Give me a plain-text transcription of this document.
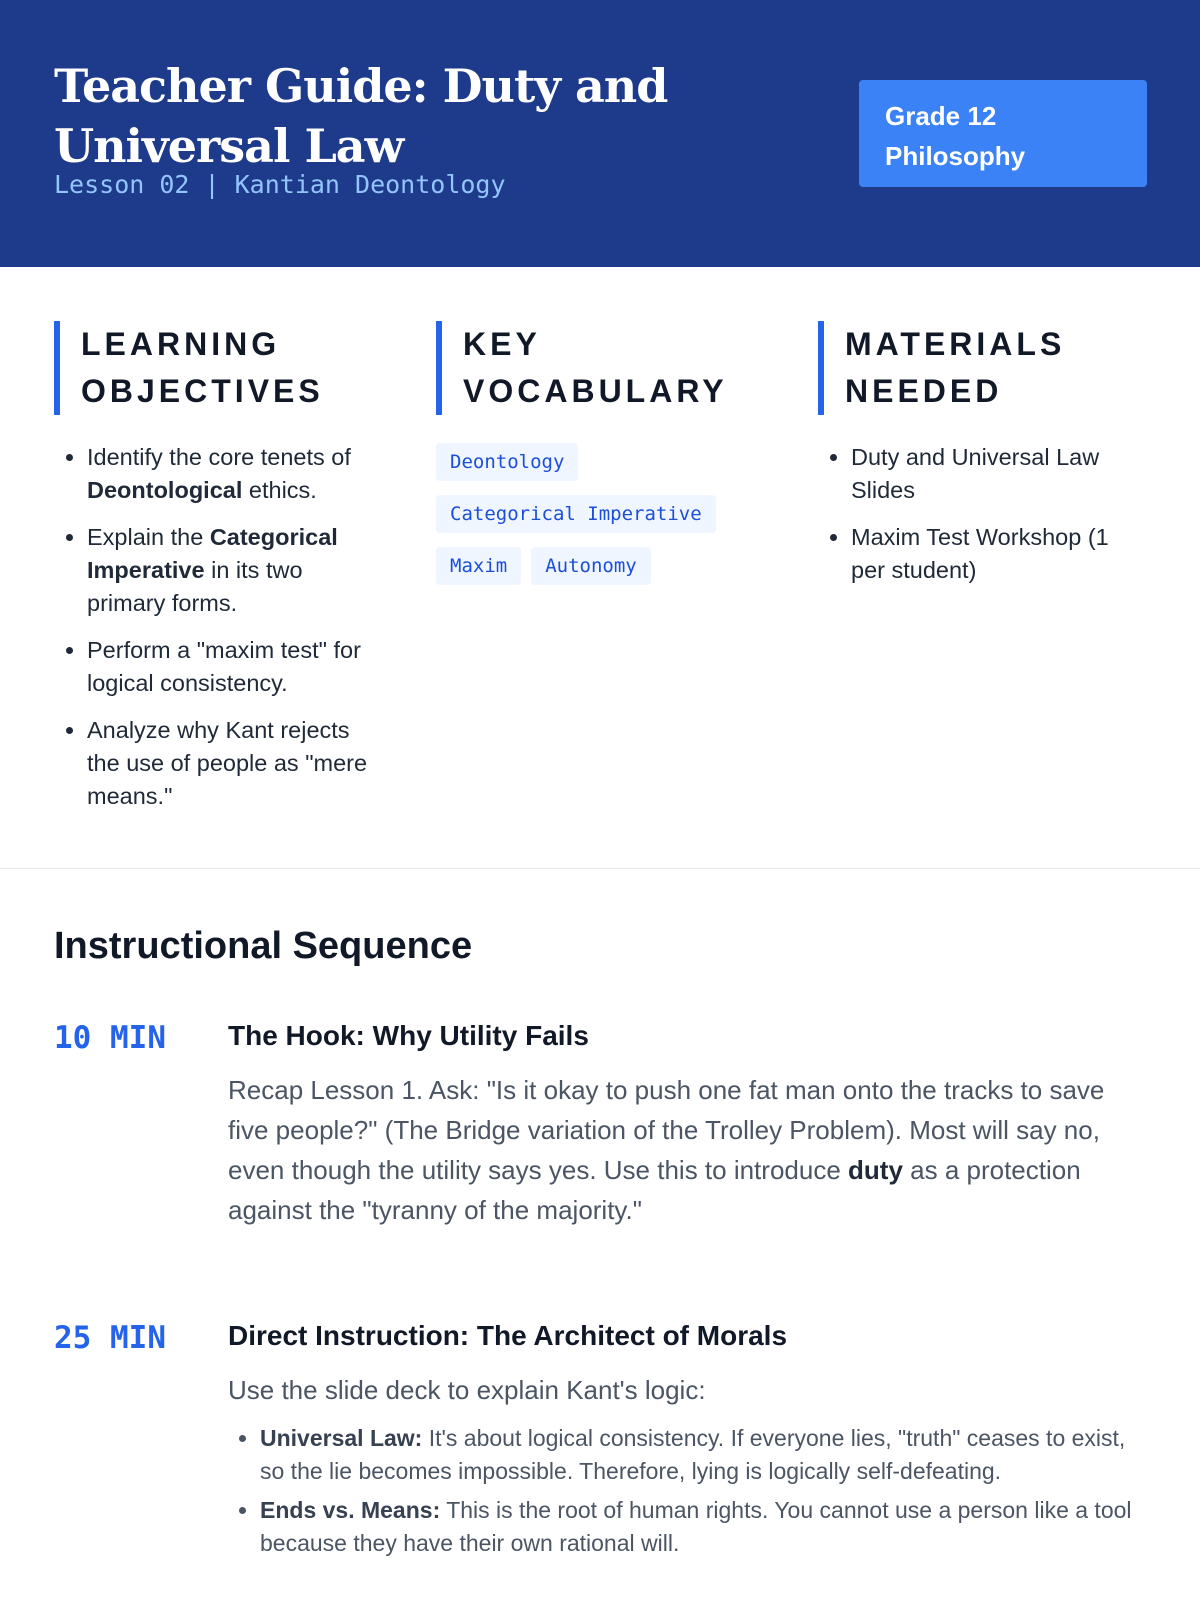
Teacher Guide: Duty and Universal Law
Lesson 02 | Kantian Deontology
Grade 12
Philosophy
LEARNING
OBJECTIVES
• Identify the core tenets of Deontological ethics.
• Explain the Categorical Imperative in its two primary forms.
• Perform a "maxim test" for logical consistency.
• Analyze why Kant rejects the use of people as "mere means."
KEY
VOCABULARY
Deontology
Categorical Imperative
Maxim Autonomy
MATERIALS
NEEDED
• Duty and Universal Law Slides
• Maxim Test Workshop (1 per student)
Instructional Sequence
10 MIN The Hook: Why Utility Fails

Recap Lesson 1. Ask: "Is it okay to push one fat man onto the tracks to save five people?" (The Bridge variation of the Trolley Problem). Most will say no, even though the utility says yes. Use this to introduce duty as a protection against the "tyranny of the majority."

25 MIN Direct Instruction: The Architect of Morals

Use the slide deck to explain Kant's logic:

• Universal Law: It's about logical consistency. If everyone lies, "truth" ceases to exist, so the lie becomes impossible. Therefore, lying is logically self-defeating.
• Ends vs. Means: This is the root of human rights. You cannot use a person like a tool because they have their own rational will.
